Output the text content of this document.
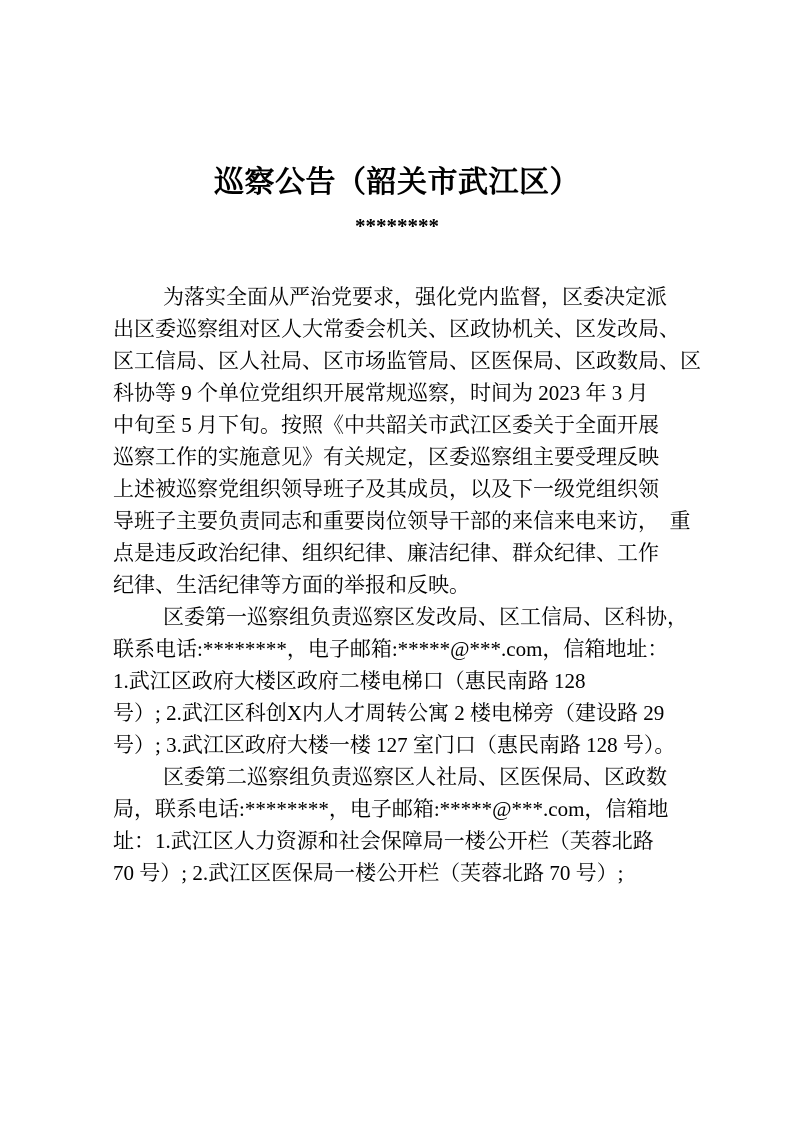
巡察公告（韶关市武江区）
********
为落实全面从严治党要求，强化党内监督，区委决定派
出区委巡察组对区人大常委会机关、区政协机关、区发改局、
区工信局、区人社局、区市场监管局、区医保局、区政数局、区
科协等 9 个单位党组织开展常规巡察，时间为 2023 年 3 月
中旬至 5 月下旬。按照《中共韶关市武江区委关于全面开展
巡察工作的实施意见》有关规定，区委巡察组主要受理反映
上述被巡察党组织领导班子及其成员，以及下一级党组织领
导班子主要负责同志和重要岗位领导干部的来信来电来访，　重
点是违反政治纪律、组织纪律、廉洁纪律、群众纪律、工作
纪律、生活纪律等方面的举报和反映。
区委第一巡察组负责巡察区发改局、区工信局、区科协，
联系电话:********，电子邮箱:*****@***.com，信箱地址：
1.武江区政府大楼区政府二楼电梯口（惠民南路 128
号）; 2.武江区科创X内人才周转公寓 2 楼电梯旁（建设路 29
号）; 3.武江区政府大楼一楼 127 室门口（惠民南路 128 号）。
区委第二巡察组负责巡察区人社局、区医保局、区政数
局，联系电话:********，电子邮箱:*****@***.com，信箱地
址：1.武江区人力资源和社会保障局一楼公开栏（芙蓉北路
70 号）; 2.武江区医保局一楼公开栏（芙蓉北路 70 号）;
